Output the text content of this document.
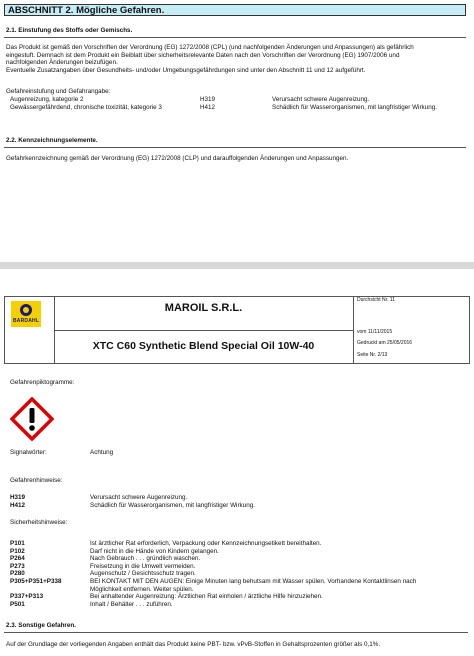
ABSCHNITT 2. Mögliche Gefahren.
2.1. Einstufung des Stoffs oder Gemischs.
Das Produkt ist gemäß den Vorschriften der Verordnung (EG) 1272/2008 (CPL) (und nachfolgenden Änderungen und Anpassungen) als gefährlich
eingestuft. Demnach ist dem Produkt ein Beiblatt über sicherheitsrelevante Daten nach den Vorschriften der Verordnung (EG) 1907/2006 und
nachfolgenden Änderungen beizufügen.
Eventuelle Zusatzangaben über Gesundheits- und/oder Umgebungsgefährdungen sind unter den Abschnitt 11 und 12 aufgeführt.
Gefahreinstufung und Gefahrangabe:
Augenreizung, kategorie 2	H319	Verursacht schwere Augenreizung.
Gewässergefährdend, chronische toxizität, kategorie 3	H412	Schädlich für Wasserorganismen, mit langfristiger Wirkung.
2.2. Kennzeichnungselemente.
Gefahrkennzeichnung gemäß der Verordnung (EG) 1272/2008 (CLP) und darauffolgenden Änderungen und Anpassungen.
BARDAHL
MAROIL S.R.L.
XTC C60 Synthetic Blend Special Oil 10W-40
Durchsicht Nr. 11
vom 11/11/2015
Gedruckt am 25/05/2016
Seite Nr. 2/13
Gefahrenpiktogramme:
Signalwörter:	Achtung
Gefahrenhinweise:
H319	Verursacht schwere Augenreizung.
H412	Schädlich für Wasserorganismen, mit langfristiger Wirkung.
Sicherheitshinweise:
P101	Ist ärztlicher Rat erforderlich, Verpackung oder Kennzeichnungsetikett bereithalten.
P102	Darf nicht in die Hände von Kindern gelangen.
P264	Nach Gebrauch . . . gründlich waschen.
P273	Freisetzung in die Umwelt vermeiden.
P280	Augenschutz / Gesichtsschutz tragen.
P305+P351+P338	BEI KONTAKT MIT DEN AUGEN: Einige Minuten lang behutsam mit Wasser spülen. Vorhandene Kontaktlinsen nach
Möglichkeit entfernen. Weiter spülen.
P337+P313	Bei anhaltender Augenreizung: Ärztlichen Rat einholen / ärztliche Hilfe hinzuziehen.
P501	Inhalt / Behälter . . . zuführen.
2.3. Sonstige Gefahren.
Auf der Grundlage der vorliegenden Angaben enthält das Produkt keine PBT- bzw. vPvB-Stoffen in Gehaltsprozenten größer als 0,1%.
